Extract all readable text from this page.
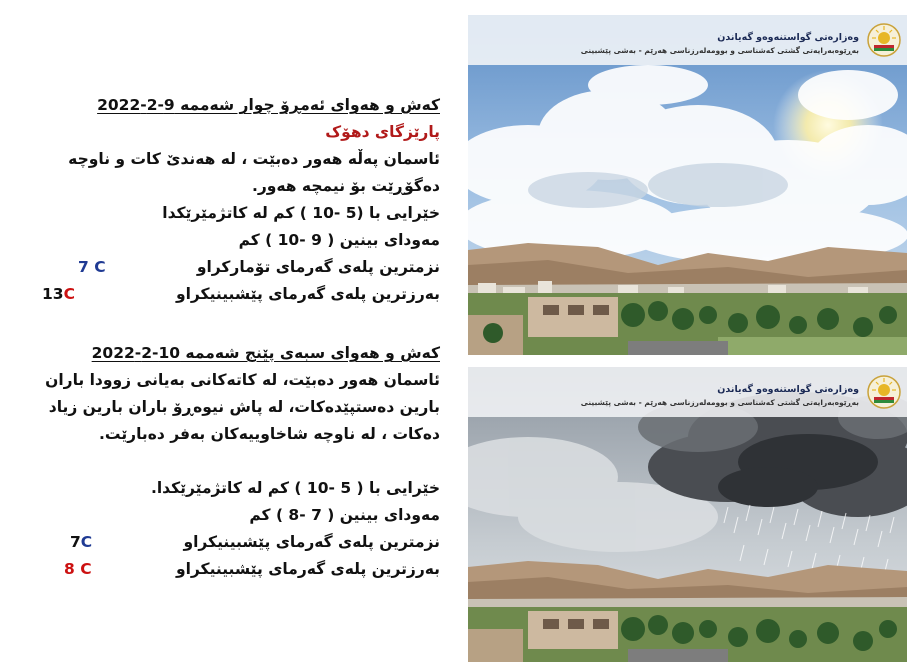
کەش و هەوای ئەمڕۆ چوار شەممە 9-2-2022
پارێزگای دهۆک
ئاسمان پەڵە هەور دەبێت ، لە هەندێ کات و ناوچە
دەگۆڕێت بۆ نیمچە هەور.
خێرایی با (5 -10 ) کم لە کاتژمێرێکدا
مەودای بینین ( 9 -10 ) کم
نزمترین پلەی گەرمای تۆمارکراو
7 C
بەرزترین پلەی گەرمای پێشبینیکراو
13C
کەش و هەوای سبەی پێنج شەممە 10-2-2022
ئاسمان هەور دەبێت، لە کاتەکانی بەیانی زوودا باران
بارین دەستپێدەکات، لە پاش نیوەڕۆ باران بارین زیاد
دەکات ، لە ناوچە شاخاوییەکان بەفر دەبارێت.
خێرایی با ( 5 -10 ) کم لە کاتژمێرێکدا.
مەودای بینین ( 7 -8 ) کم
نزمترین پلەی گەرمای پێشبینیکراو
7C
بەرزترین پلەی گەرمای پێشبینیکراو
8 C
وەزارەتی گواستنەوەو گەیاندن
بەڕێوەبەرایەتی گشتی کەشناسی و بوومەلەرزناسی هەرێم - بەشی پێشبینی
وەزارەتی گواستنەوەو گەیاندن
بەڕێوەبەرایەتی گشتی کەشناسی و بوومەلەرزناسی هەرێم - بەشی پێشبینی
